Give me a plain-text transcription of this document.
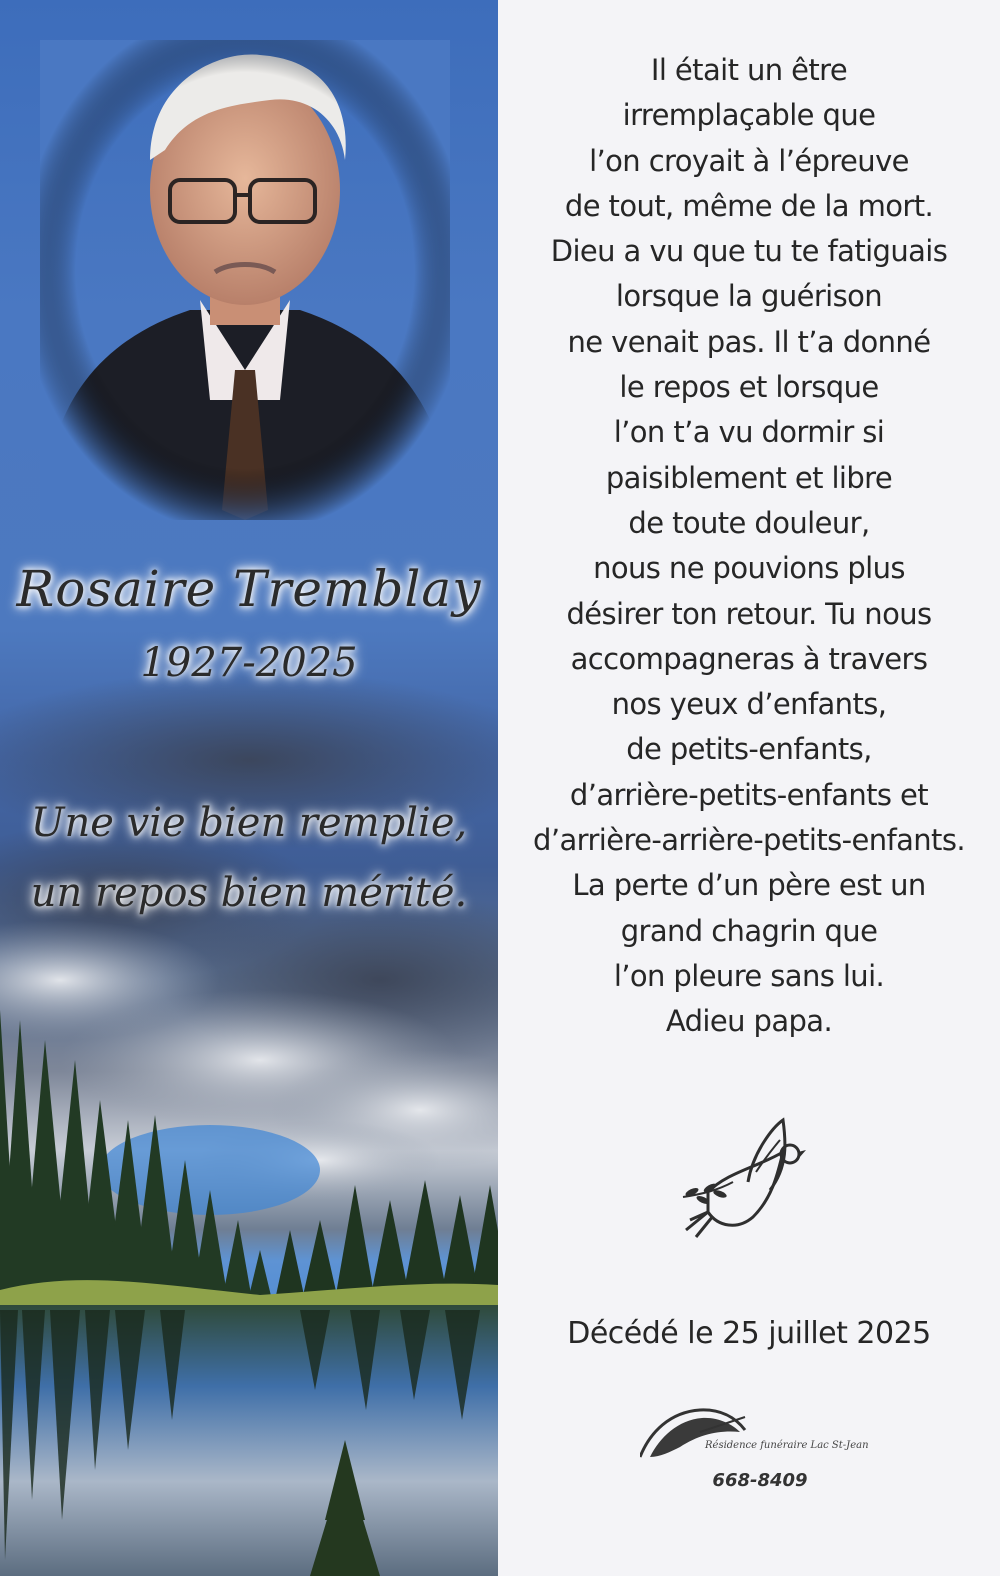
Rosaire Tremblay
1927-2025
Une vie bien remplie,
un repos bien mérité.
Il était un être
irremplaçable que
l’on croyait à l’épreuve
de tout, même de la mort.
Dieu a vu que tu te fatiguais
lorsque la guérison
ne venait pas. Il t’a donné
le repos et lorsque
l’on t’a vu dormir si
paisiblement et libre
de toute douleur,
nous ne pouvions plus
désirer ton retour. Tu nous
accompagneras à travers
nos yeux d’enfants,
de petits-enfants,
d’arrière-petits-enfants et
d’arrière-arrière-petits-enfants.
La perte d’un père est un
grand chagrin que
l’on pleure sans lui.
Adieu papa.
Décédé le 25 juillet 2025
Résidence funéraire Lac St-Jean
668-8409
